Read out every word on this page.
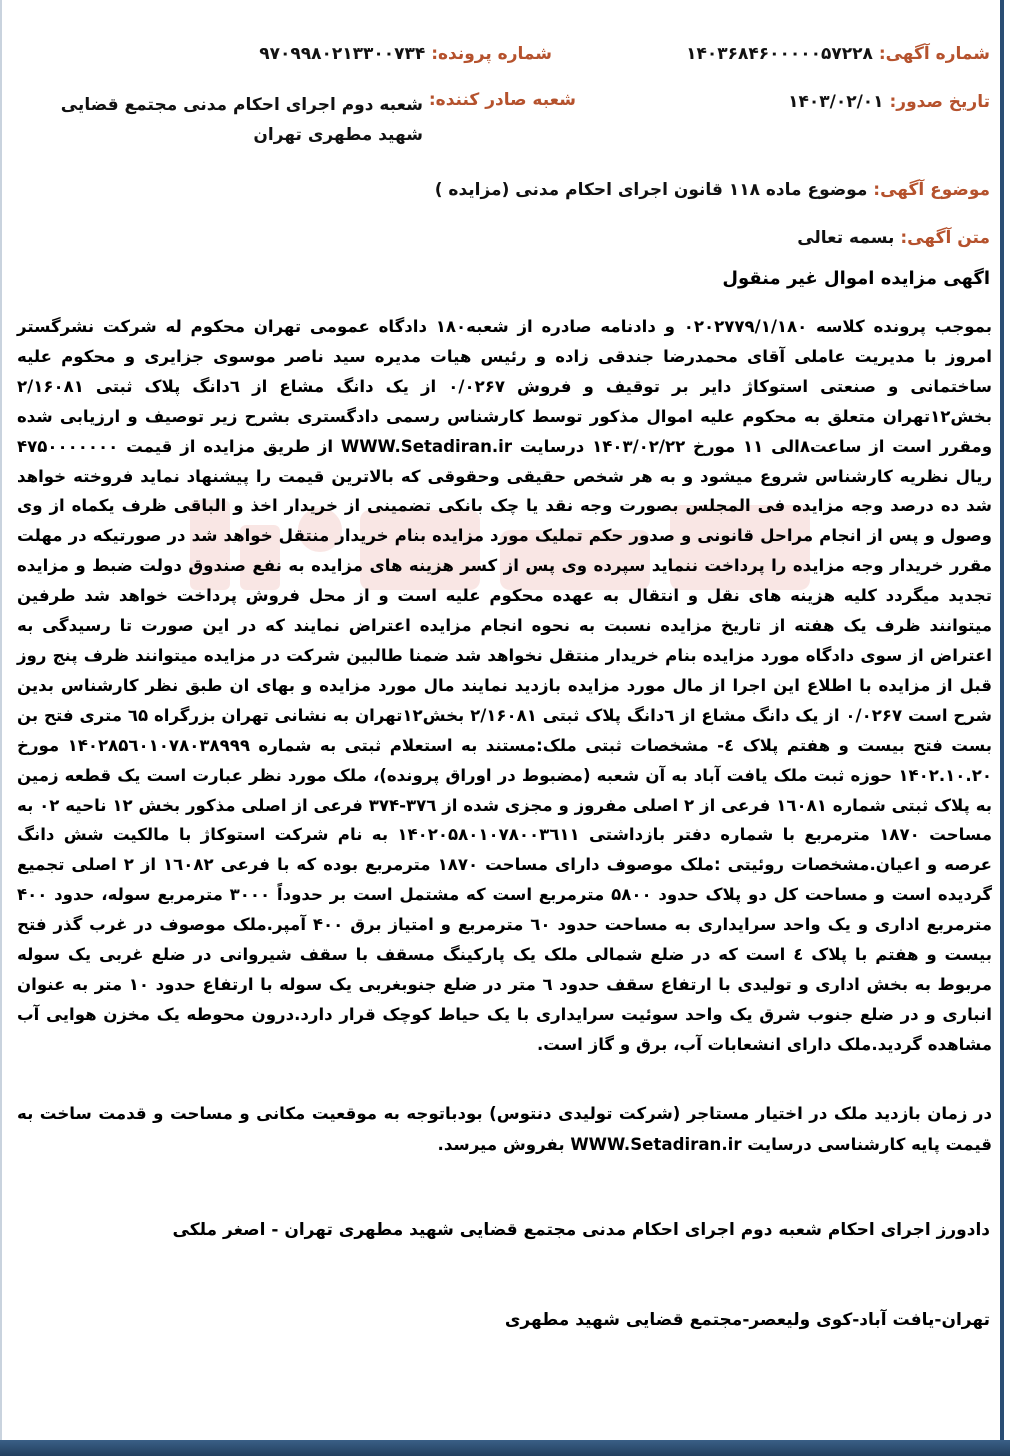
شماره آگهی: ۱۴۰۳۶۸۴۶۰۰۰۰۰۵۷۲۲۸
شماره پرونده: ۹۷۰۹۹۸۰۲۱۳۳۰۰۷۳۴
تاریخ صدور: ۱۴۰۳/۰۲/۰۱
شعبه صادر کننده: شعبه دوم اجرای احکام مدنی مجتمع قضایی شهید مطهری تهران
موضوع آگهی: موضوع ماده ۱۱۸ قانون اجرای احکام مدنی (مزایده )
متن آگهی: بسمه تعالی
اگهی مزایده اموال غیر منقول
بموجب پرونده کلاسه ۰۲۰۲۷۷۹/۱/۱۸۰ و دادنامه صادره از شعبه۱۸۰ دادگاه عمومی تهران محکوم له شرکت نشرگستر امروز با مدیریت عاملی آقای محمدرضا جندقی زاده و رئیس هیات مدیره سید ناصر موسوی جزایری و محکوم علیه ساختمانی و صنعتی استوکاژ دایر بر توقیف و فروش ۰/۰۲۶۷ از یک دانگ مشاع از ٦دانگ پلاک ثبتی ۲/۱۶۰۸۱ بخش۱۲تهران متعلق به محکوم علیه اموال مذکور توسط کارشناس رسمی دادگستری بشرح زیر توصیف و ارزیابی شده ومقرر است از ساعت۸الی ۱۱ مورخ ۱۴۰۳/۰۲/۲۲ درسایت WWW.Setadiran.ir از طریق مزایده از قیمت ۴۷۵۰۰۰۰۰۰۰ ریال نظریه کارشناس شروع میشود و به هر شخص حقیقی وحقوقی که بالاترین قیمت را پیشنهاد نماید فروخته خواهد شد ده درصد وجه مزایده فی المجلس بصورت وجه نقد یا چک بانکی تضمینی از خریدار اخذ و الباقی ظرف یکماه از وی وصول و پس از انجام مراحل قانونی و صدور حکم تملیک مورد مزایده بنام خریدار منتقل خواهد شد در صورتیکه در مهلت مقرر خریدار وجه مزایده را پرداخت ننماید سپرده وی پس از کسر هزینه های مزایده به نفع صندوق دولت ضبط و مزایده تجدید میگردد کلیه هزینه های نقل و انتقال به عهده محکوم علیه است و از محل فروش پرداخت خواهد شد طرفین میتوانند ظرف یک هفته از تاریخ مزایده نسبت به نحوه انجام مزایده اعتراض نمایند که در این صورت تا رسیدگی به اعتراض از سوی دادگاه مورد مزایده بنام خریدار منتقل نخواهد شد ضمنا طالبین شرکت در مزایده میتوانند ظرف پنج روز قبل از مزایده با اطلاع این اجرا از مال مورد مزایده بازدید نمایند مال مورد مزایده و بهای ان طبق نظر کارشناس بدین شرح است ۰/۰۲۶۷ از یک دانگ مشاع از ٦دانگ پلاک ثبتی ۲/۱۶۰۸۱ بخش۱۲تهران به نشانی تهران بزرگراه ٦۵ متری فتح بن بست فتح بیست و هفتم پلاک ٤- مشخصات ثبتی ملک:مستند به استعلام ثبتی به شماره ۱۴۰۲۸۵٦۰۱۰۷۸۰۳۸۹۹۹ مورخ ۱۴۰۲.۱۰.۲۰ حوزه ثبت ملک یافت آباد به آن شعبه (مضبوط در اوراق پرونده)، ملک مورد نظر عبارت است یک قطعه زمین به پلاک ثبتی شماره ۱٦۰۸۱ فرعی از ۲ اصلی مفروز و مجزی شده از ۳۷٦-۳۷۴ فرعی از اصلی مذکور بخش ۱۲ ناحیه ۰۲ به مساحت ۱۸۷۰ مترمربع با شماره دفتر بازداشتی ۱۴۰۲۰۵۸۰۱۰۷۸۰۰۳٦۱۱ به نام شرکت استوکاژ با مالکیت شش دانگ عرصه و اعیان.مشخصات روئیتی :ملک موصوف دارای مساحت ۱۸۷۰ مترمربع بوده که با فرعی ۱٦۰۸۲ از ۲ اصلی تجمیع گردیده است و مساحت کل دو پلاک حدود ۵۸۰۰ مترمربع است که مشتمل است بر حدوداً ۳۰۰۰ مترمربع سوله، حدود ۴۰۰ مترمربع اداری و یک واحد سرایداری به مساحت حدود ٦۰ مترمربع و امتیاز برق ۴۰۰ آمپر.ملک موصوف در غرب گذر فتح بیست و هفتم با پلاک ٤ است که در ضلع شمالی ملک یک پارکینگ مسقف با سقف شیروانی در ضلع غربی یک سوله مربوط به بخش اداری و تولیدی با ارتفاع سقف حدود ٦ متر در ضلع جنوبغربی یک سوله با ارتفاع حدود ۱۰ متر به عنوان انباری و در ضلع جنوب شرق یک واحد سوئیت سرایداری با یک حیاط کوچک قرار دارد.درون محوطه یک مخزن هوایی آب مشاهده گردید.ملک دارای انشعابات آب، برق و گاز است.
در زمان بازدید ملک در اختیار مستاجر (شرکت تولیدی دنتوس) بودباتوجه به موقعیت مکانی و مساحت و قدمت ساخت به قیمت پایه کارشناسی درسایت WWW.Setadiran.ir بفروش میرسد.
دادورز اجرای احکام شعبه دوم اجرای احکام مدنی مجتمع قضایی شهید مطهری تهران - اصغر ملکی
تهران-یافت آباد-کوی ولیعصر-مجتمع قضایی شهید مطهری
